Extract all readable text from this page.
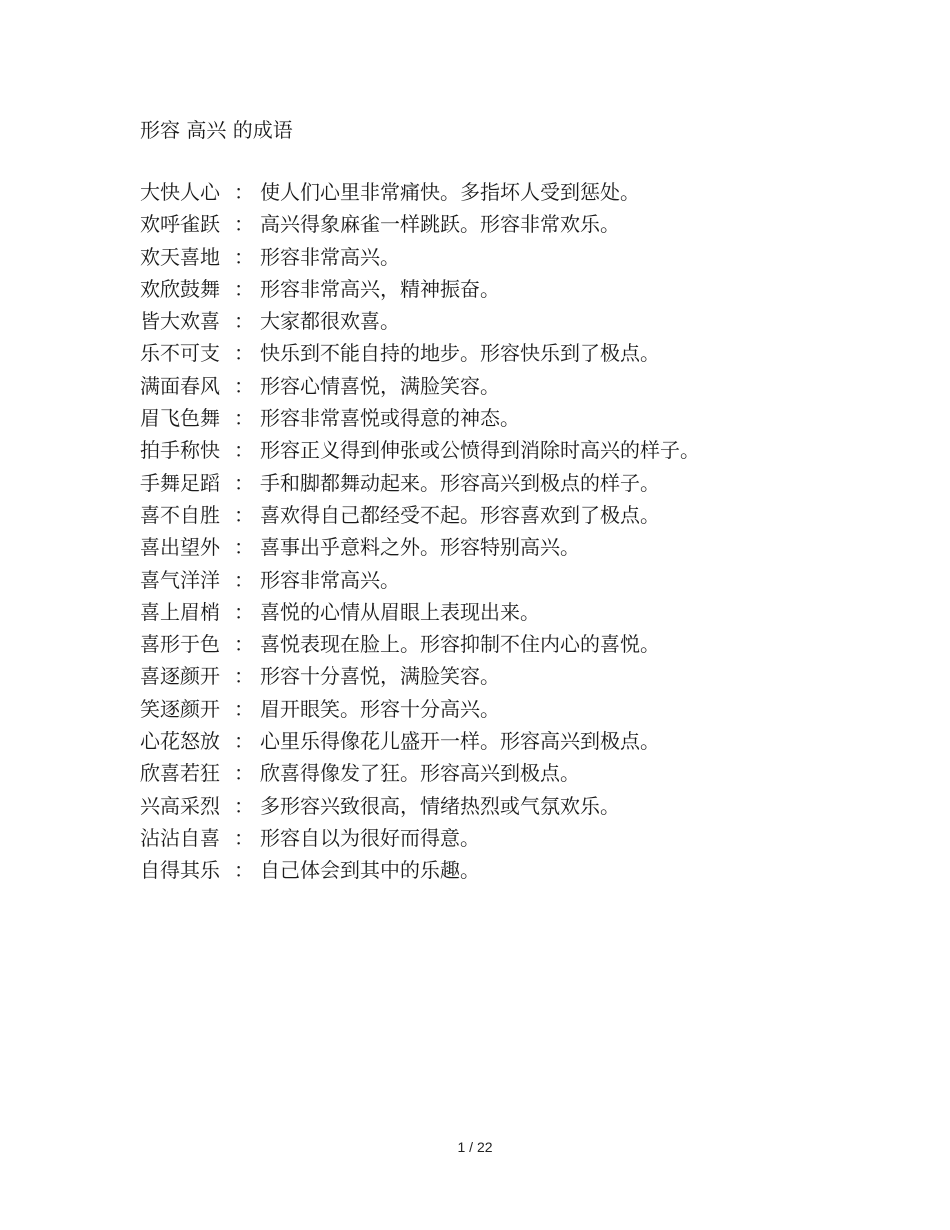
形容 高兴 的成语
大快人心 ： 使人们心里非常痛快。多指坏人受到惩处。
欢呼雀跃 ： 高兴得象麻雀一样跳跃。形容非常欢乐。
欢天喜地 ： 形容非常高兴。
欢欣鼓舞 ： 形容非常高兴，精神振奋。
皆大欢喜 ： 大家都很欢喜。
乐不可支 ： 快乐到不能自持的地步。形容快乐到了极点。
满面春风 ： 形容心情喜悦，满脸笑容。
眉飞色舞 ： 形容非常喜悦或得意的神态。
拍手称快 ： 形容正义得到伸张或公愤得到消除时高兴的样子。
手舞足蹈 ： 手和脚都舞动起来。形容高兴到极点的样子。
喜不自胜 ： 喜欢得自己都经受不起。形容喜欢到了极点。
喜出望外 ： 喜事出乎意料之外。形容特别高兴。
喜气洋洋 ： 形容非常高兴。
喜上眉梢 ： 喜悦的心情从眉眼上表现出来。
喜形于色 ： 喜悦表现在脸上。形容抑制不住内心的喜悦。
喜逐颜开 ： 形容十分喜悦，满脸笑容。
笑逐颜开 ： 眉开眼笑。形容十分高兴。
心花怒放 ： 心里乐得像花儿盛开一样。形容高兴到极点。
欣喜若狂 ： 欣喜得像发了狂。形容高兴到极点。
兴高采烈 ： 多形容兴致很高，情绪热烈或气氛欢乐。
沾沾自喜 ： 形容自以为很好而得意。
自得其乐 ： 自己体会到其中的乐趣。
1 / 22
